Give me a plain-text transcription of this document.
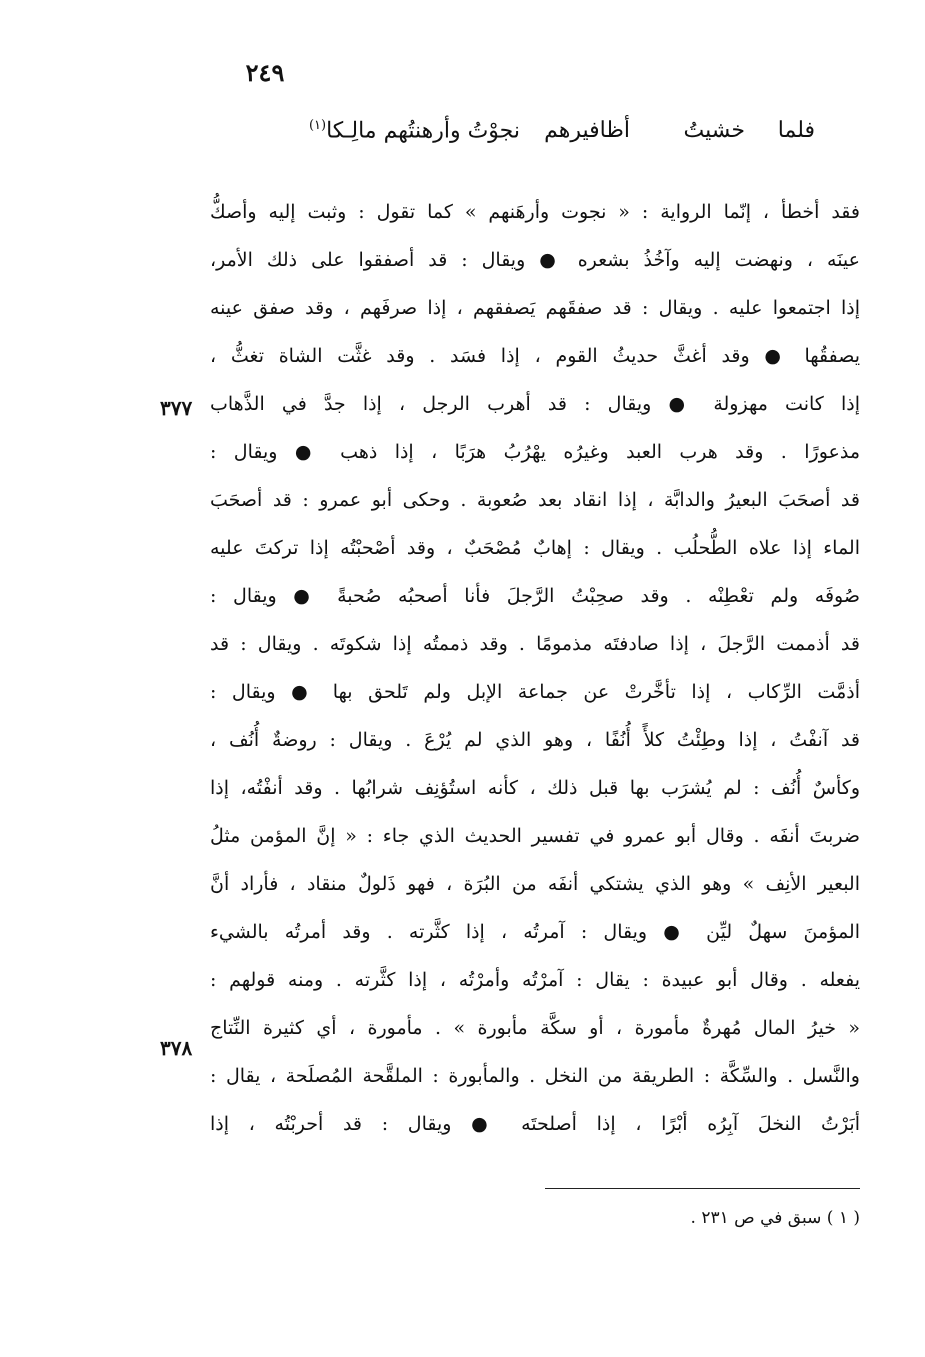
٢٤٩
فلما
خشيتُ
أظافيرهم
نجوْتُ وأرهنتُهم مالِـكا$^{(١)}$
فقد أخطأ ، إنّما الرواية : « نجوت وأرهَنهم » كما تقول : وثبت إليه وأصكُّ
عينَه ، ونهضت إليه وآخُذُ بشعره ● ويقال : قد أصفقوا على ذلك الأمر،
إذا اجتمعوا عليه . ويقال : قد صفقَهم يَصفقهم ، إذا صرفَهم ، وقد صفق عينه
يصفقُها ● وقد أغثَّ حديثُ القوم ، إذا فسَد . وقد غثَّت الشاة تغثُّ ،
إذا كانت مهزولة ● ويقال : قد أهرب الرجل ، إذا جدَّ في الذَّهاب
مذعورًا . وقد هرب العبد وغيرُه يهْرُبُ هرَبًا ، إذا ذهب ● ويقال :
قد أصحَبَ البعيرُ والدابَّة ، إذا انقاد بعد صُعوبة . وحكى أبو عمرو : قد أصحَبَ
الماء إذا علاه الطُّحلُب . ويقال : إهابٌ مُصْحَبٌ ، وقد أصْحبْتُه إذا تركتَ عليه
صُوفَه ولم تعْطِنْه . وقد صحِبْتُ الرَّجلَ فأنا أصحبُه صُحبةً ● ويقال :
قد أذممت الرَّجلَ ، إذا صادفتَه مذمومًا . وقد ذممتُه إذا شكوتَه . ويقال : قد
أذمَّت الرِّكاب ، إذا تأخَّرتْ عن جماعة الإبل ولم تَلحق بها ● ويقال :
قد آنفْتُ ، إذا وطِئْتُ كلأً أُنُفًا ، وهو الذي لم يُرْعَ . ويقال : روضةٌ أُنُف ،
وكأسٌ أُنُف : لم يُشرَب بها قبل ذلك ، كأنه استُؤنِف شرابُها . وقد أنفْتُه، إذا
ضربتَ أنفَه . وقال أبو عمرو في تفسير الحديث الذي جاء : « إنَّ المؤمن مثلُ
البعير الأنِف » وهو الذي يشتكي أنفَه من البُرَة ، فهو ذَلولٌ منقاد ، فأراد أنَّ
المؤمنَ سهلٌ ليِّن ● ويقال : آمرتُه ، إذا كثَّرته . وقد أمرتُه بالشيء
يفعله . وقال أبو عبيدة : يقال : آمرْتُه وأمرْتُه ، إذا كثَّرته . ومنه قولهم :
« خيرُ المال مُهرةٌ مأمورة ، أو سكَّة مأبورة » . مأمورة ، أي كثيرة النِّتاج
والنَّسل . والسِّكَّة : الطريقة من النخل . والمأبورة : الملقَّحة المُصلَحة ، يقال :
أبَرْتُ النخلَ آبِرُه أبْرًا ، إذا أصلحتَه ● ويقال : قد أحربْتُه ، إذا
٣٧٧
٣٧٨
( ١ ) سبق في ص ٢٣١ .
